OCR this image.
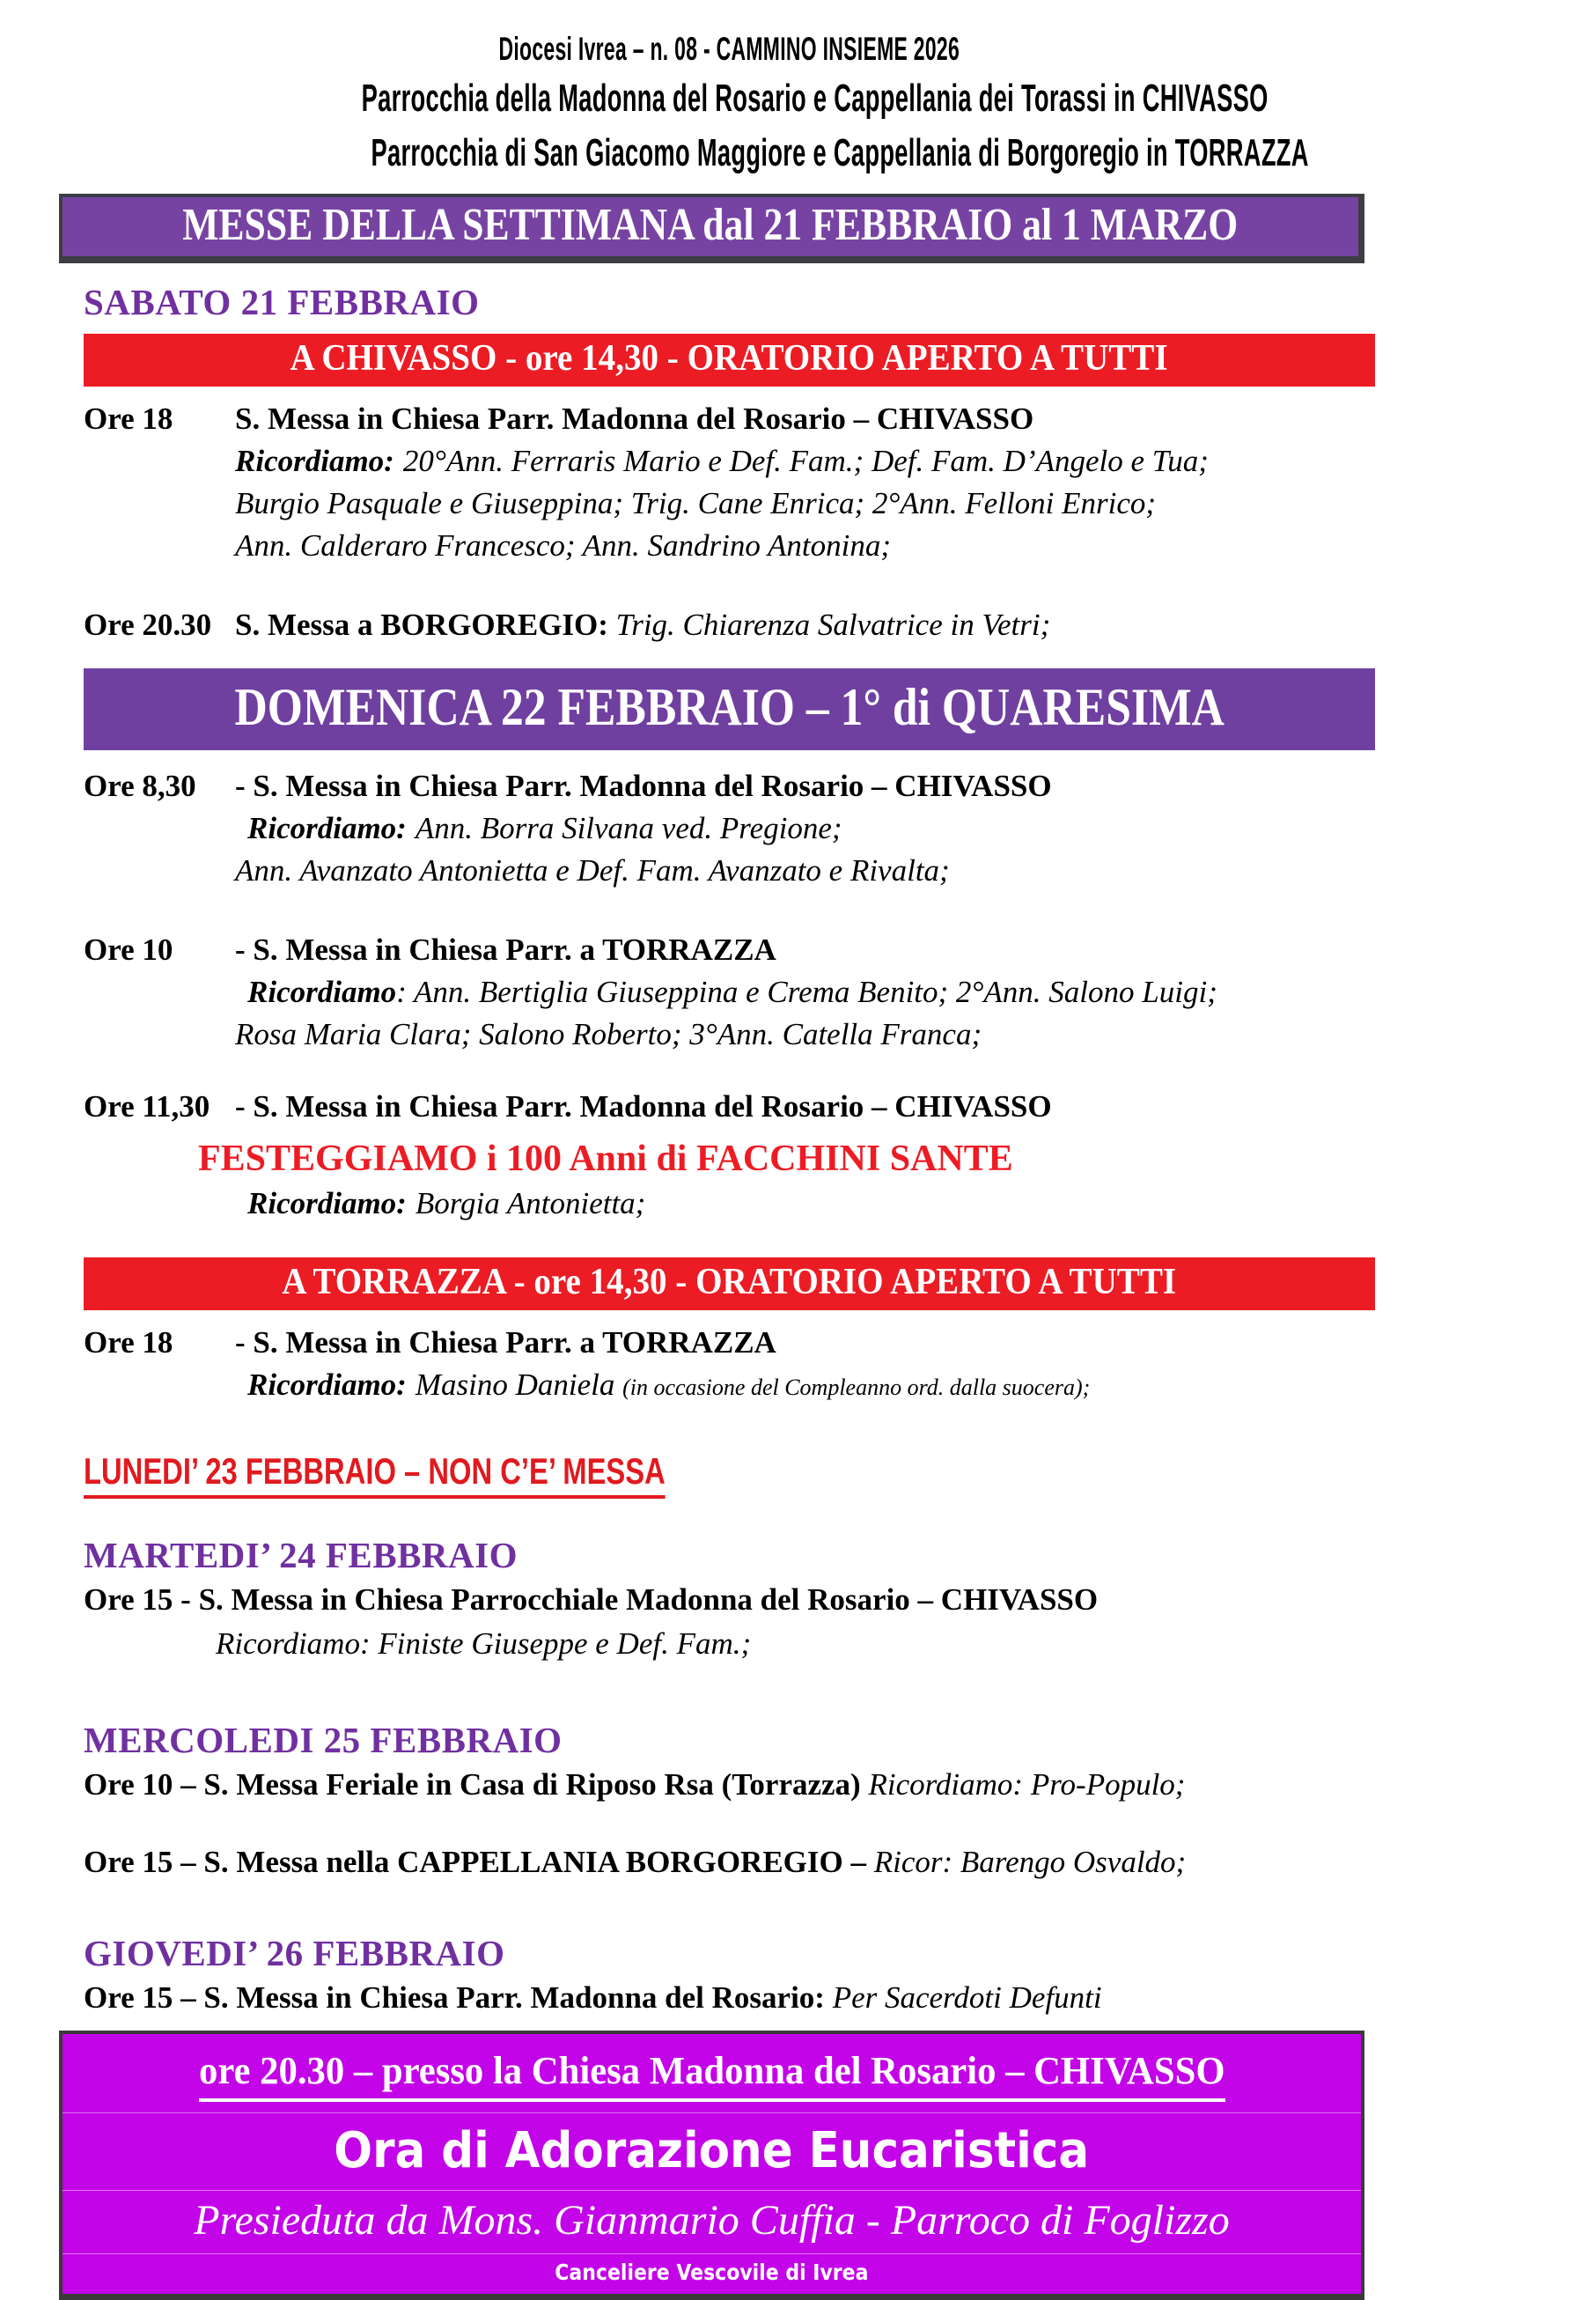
Diocesi Ivrea – n. 08 - CAMMINO INSIEME 2026
Parrocchia della Madonna del Rosario e Cappellania dei Torassi in CHIVASSO
Parrocchia di San Giacomo Maggiore e Cappellania di Borgoregio in TORRAZZA
MESSE DELLA SETTIMANA dal 21 FEBBRAIO al 1 MARZO
SABATO 21 FEBBRAIO
A CHIVASSO - ore 14,30 - ORATORIO APERTO A TUTTI
Ore 18	S. Messa in Chiesa Parr. Madonna del Rosario – CHIVASSO
Ricordiamo: 20°Ann. Ferraris Mario e Def. Fam.; Def. Fam. D’Angelo e Tua;
Burgio Pasquale e Giuseppina; Trig. Cane Enrica; 2°Ann. Felloni Enrico;
Ann. Calderaro Francesco; Ann. Sandrino Antonina;
Ore 20.30 S. Messa a BORGOREGIO: Trig. Chiarenza Salvatrice in Vetri;
DOMENICA 22 FEBBRAIO – 1° di QUARESIMA
Ore 8,30	- S. Messa in Chiesa Parr. Madonna del Rosario – CHIVASSO
Ricordiamo: Ann. Borra Silvana ved. Pregione;
Ann. Avanzato Antonietta e Def. Fam. Avanzato e Rivalta;
Ore 10	- S. Messa in Chiesa Parr. a TORRAZZA
Ricordiamo: Ann. Bertiglia Giuseppina e Crema Benito; 2°Ann. Salono Luigi;
Rosa Maria Clara; Salono Roberto; 3°Ann. Catella Franca;
Ore 11,30 - S. Messa in Chiesa Parr. Madonna del Rosario – CHIVASSO
FESTEGGIAMO i 100 Anni di FACCHINI SANTE
Ricordiamo: Borgia Antonietta;
A TORRAZZA - ore 14,30 - ORATORIO APERTO A TUTTI
Ore 18	- S. Messa in Chiesa Parr. a TORRAZZA
Ricordiamo: Masino Daniela (in occasione del Compleanno ord. dalla suocera);
LUNEDI’ 23 FEBBRAIO – NON C’E’ MESSA
MARTEDI’ 24 FEBBRAIO
Ore 15 - S. Messa in Chiesa Parrocchiale Madonna del Rosario – CHIVASSO
Ricordiamo: Finiste Giuseppe e Def. Fam.;
MERCOLEDI 25 FEBBRAIO
Ore 10 – S. Messa Feriale in Casa di Riposo Rsa (Torrazza) Ricordiamo: Pro-Populo;
Ore 15 – S. Messa nella CAPPELLANIA BORGOREGIO – Ricor: Barengo Osvaldo;
GIOVEDI’ 26 FEBBRAIO
Ore 15 – S. Messa in Chiesa Parr. Madonna del Rosario: Per Sacerdoti Defunti
ore 20.30 – presso la Chiesa Madonna del Rosario – CHIVASSO
Ora di Adorazione Eucaristica
Presieduta da Mons. Gianmario Cuffia - Parroco di Foglizzo
Canceliere Vescovile di Ivrea
